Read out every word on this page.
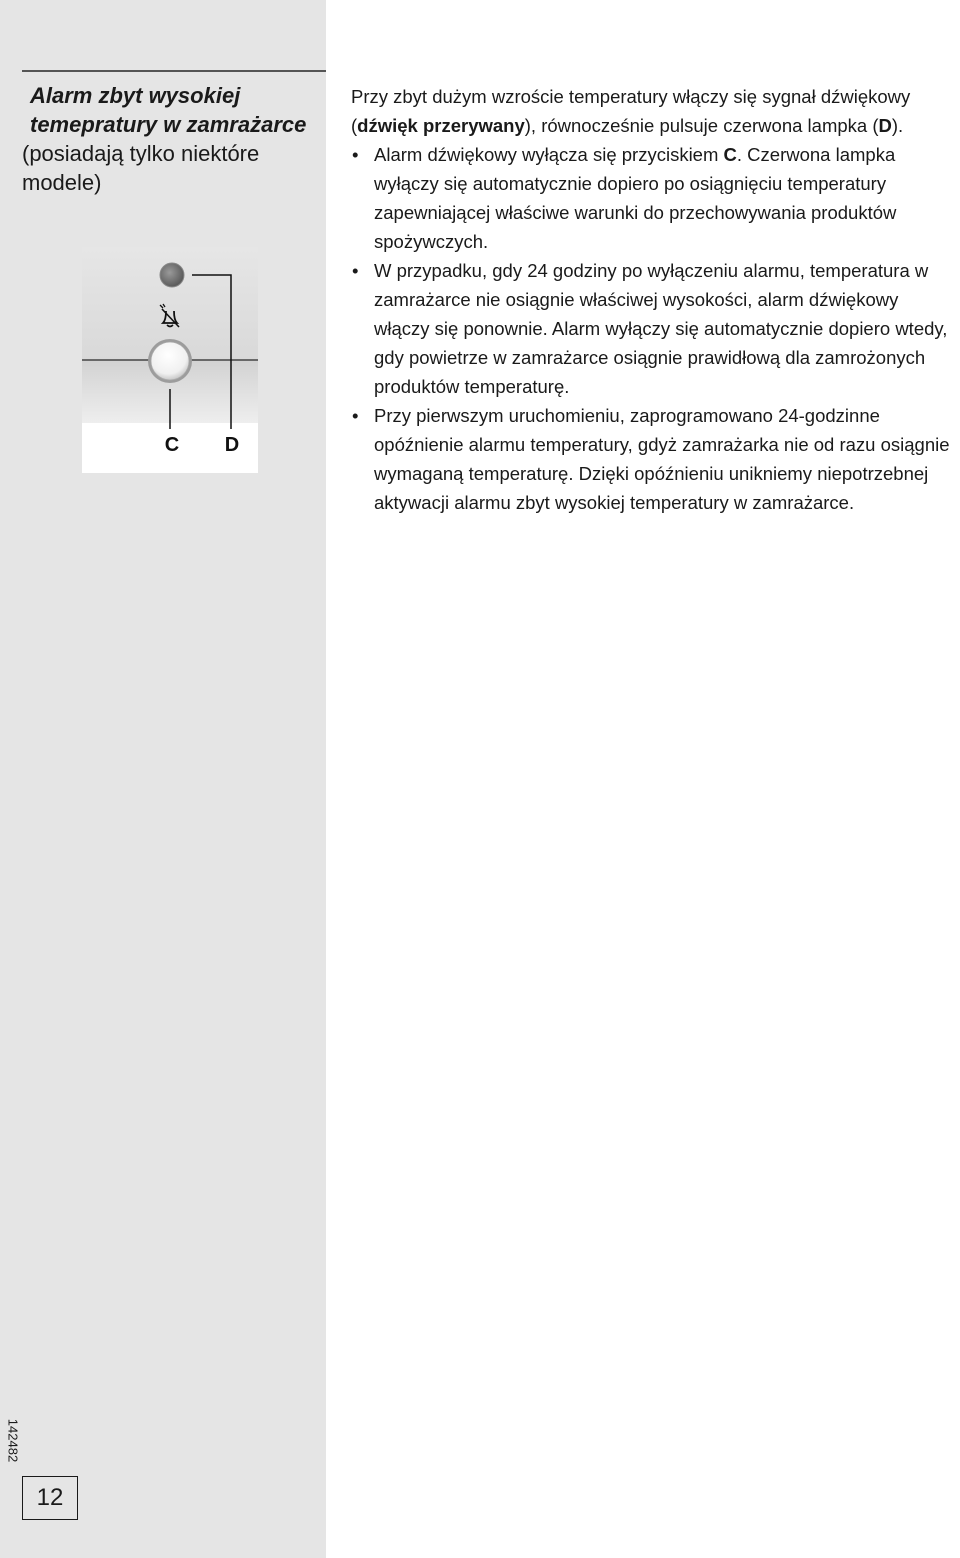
Alarm zbyt wysokiej temepratury w zamrażarce
(posiadają tylko niektóre modele)
C D
142482
12

Przy zbyt dużym wzroście temperatury włączy się sygnał dźwiękowy (dźwięk przerywany), równocześnie pulsuje czerwona lampka (D).

• Alarm dźwiękowy wyłącza się przyciskiem C. Czerwona lampka wyłączy się automatycznie dopiero po osiągnięciu temperatury zapewniającej właściwe warunki do przechowywania produktów spożywczych.
• W przypadku, gdy 24 godziny po wyłączeniu alarmu, temperatura w zamrażarce nie osiągnie właściwej wysokości, alarm dźwiękowy włączy się ponownie. Alarm wyłączy się automatycznie dopiero wtedy, gdy powietrze w zamrażarce osiągnie prawidłową dla zamrożonych produktów temperaturę.
• Przy pierwszym uruchomieniu, zaprogramowano 24-godzinne opóźnienie alarmu temperatury, gdyż zamrażarka nie od razu osiągnie wymaganą temperaturę. Dzięki opóźnieniu unikniemy niepotrzebnej aktywacji alarmu zbyt wysokiej temperatury w zamrażarce.
